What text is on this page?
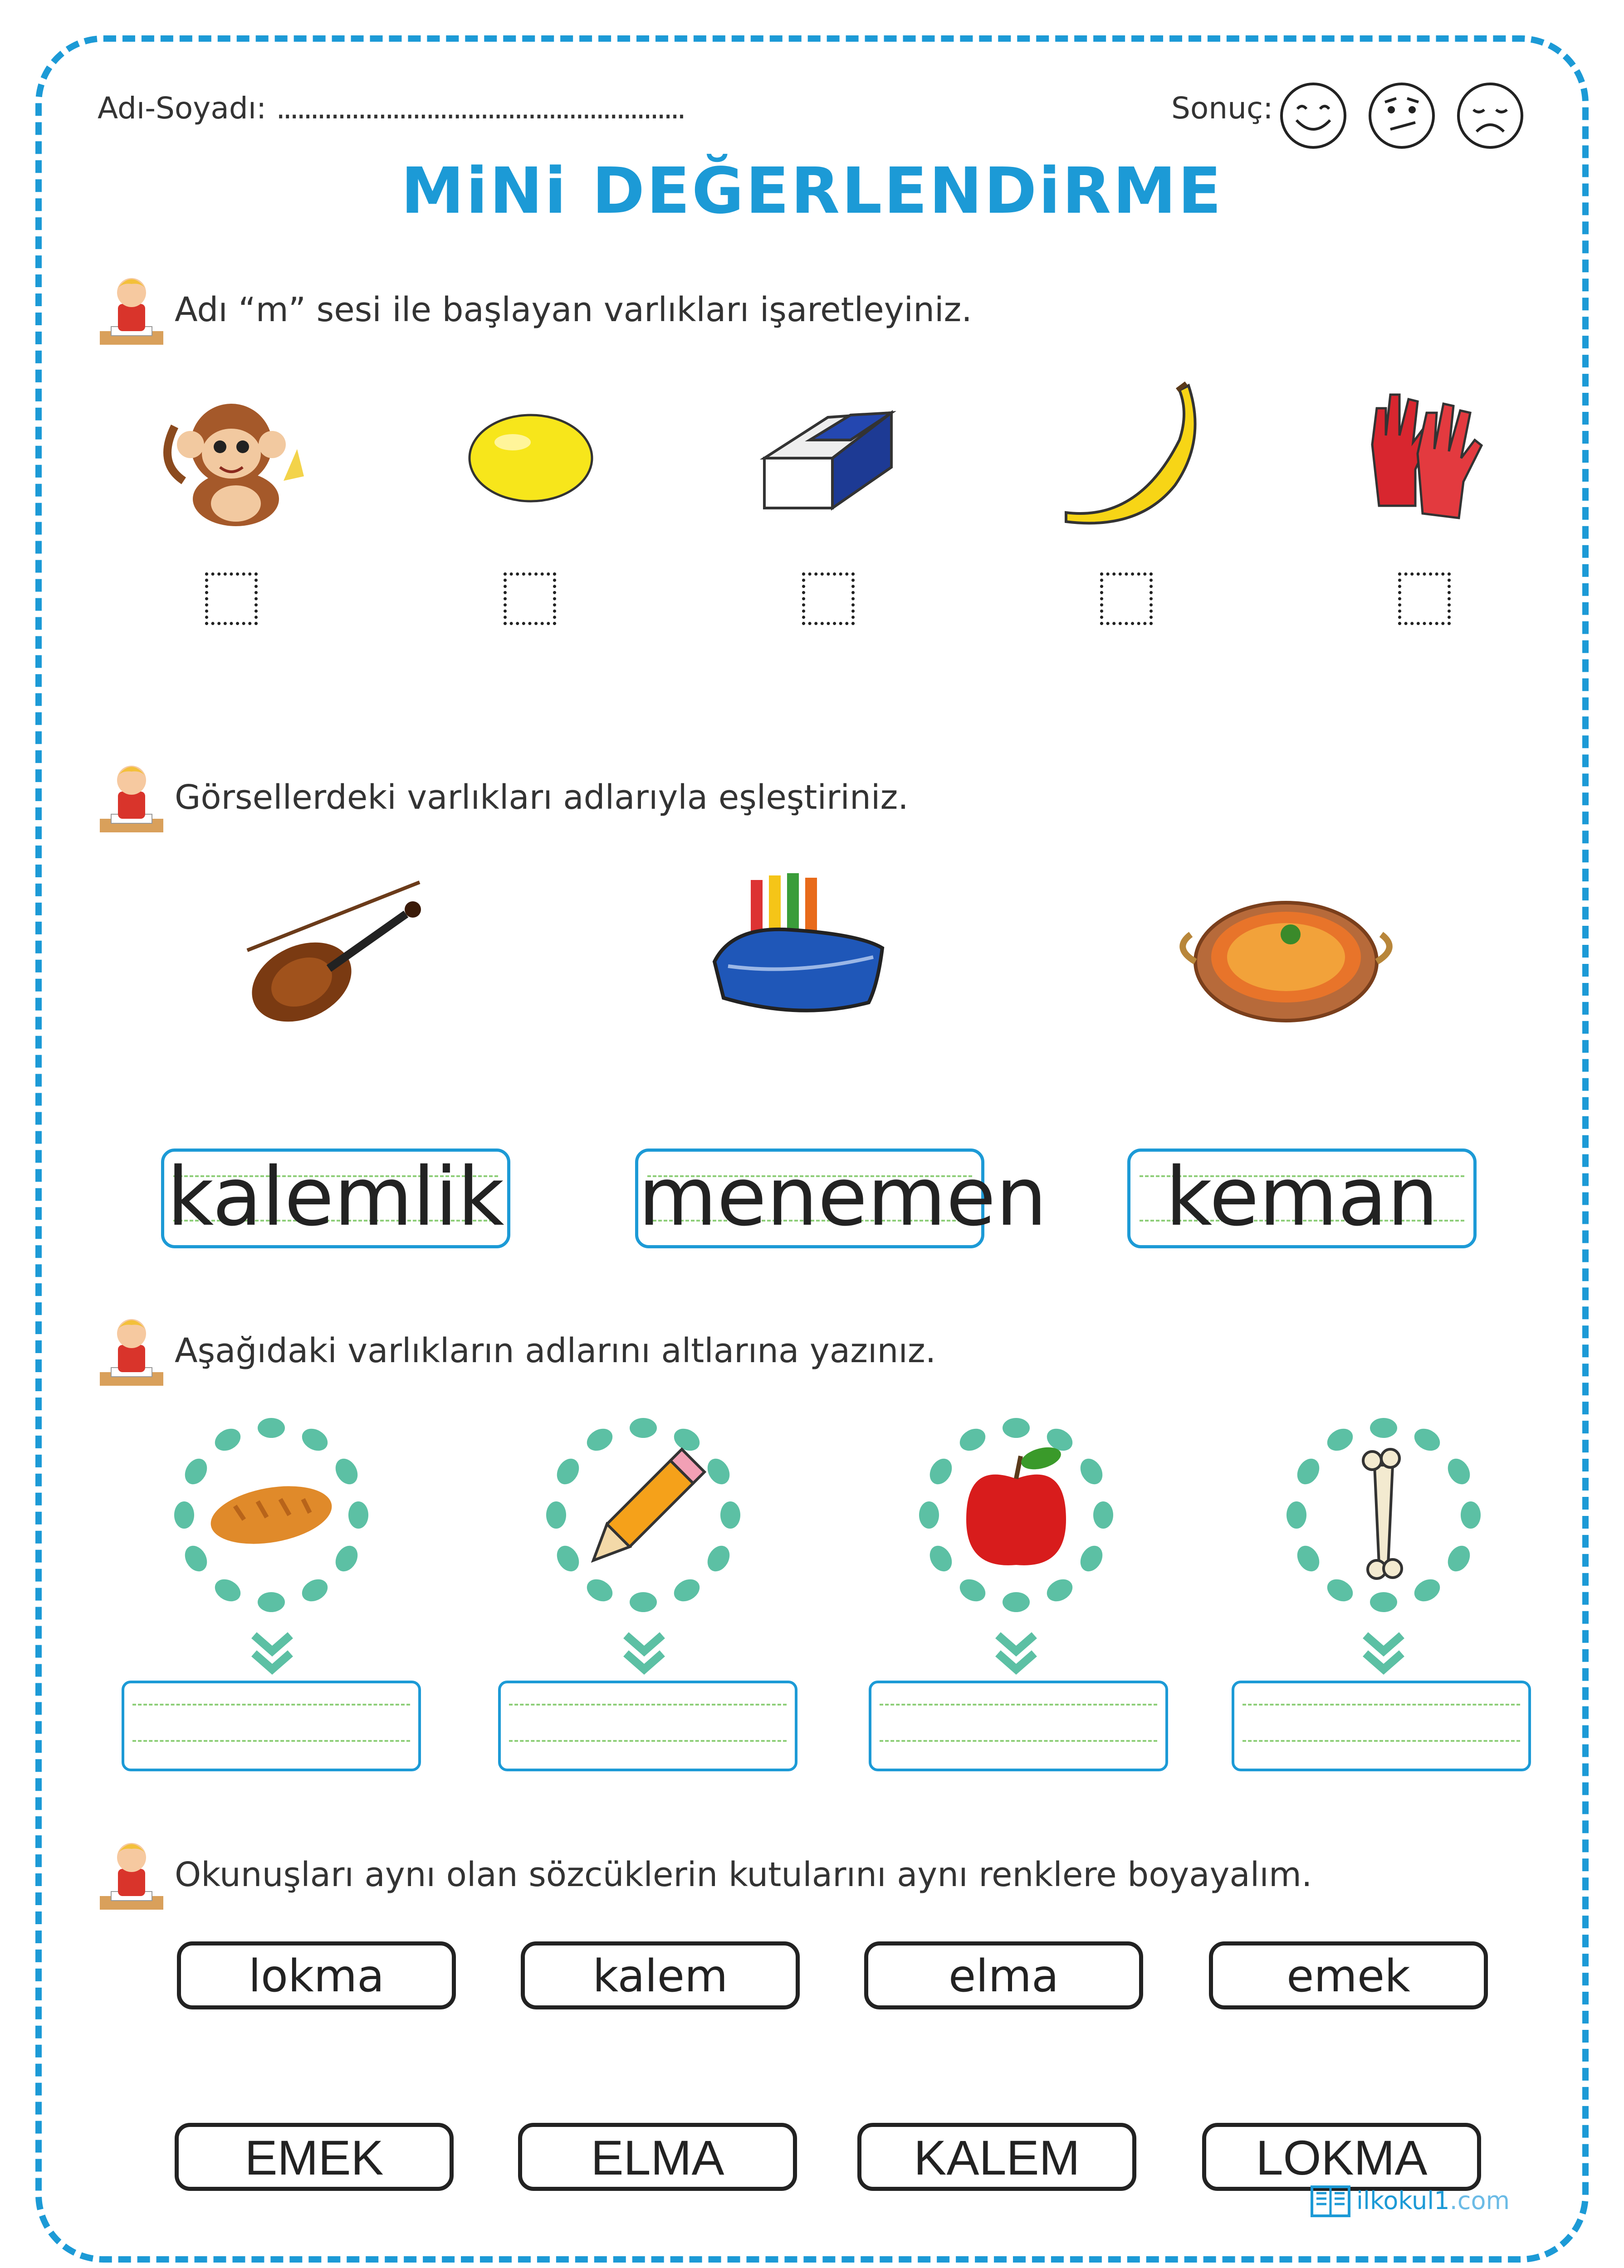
Adı-Soyadı: ............................................................	Sonuç:
MiNi DEĞERLENDiRME
Adı “m” sesi ile başlayan varlıkları işaretleyiniz.
Görsellerdeki varlıkları adlarıyla eşleştiriniz.
kalemlik menemen	keman
Aşağıdaki varlıkların adlarını altlarına yazınız.
Okunuşları aynı olan sözcüklerin kutularını aynı renklere boyayalım.
lokma	kalem	elma	emek
EMEK	ELMA	KALEM	LOKMA
ilkokul1.com
